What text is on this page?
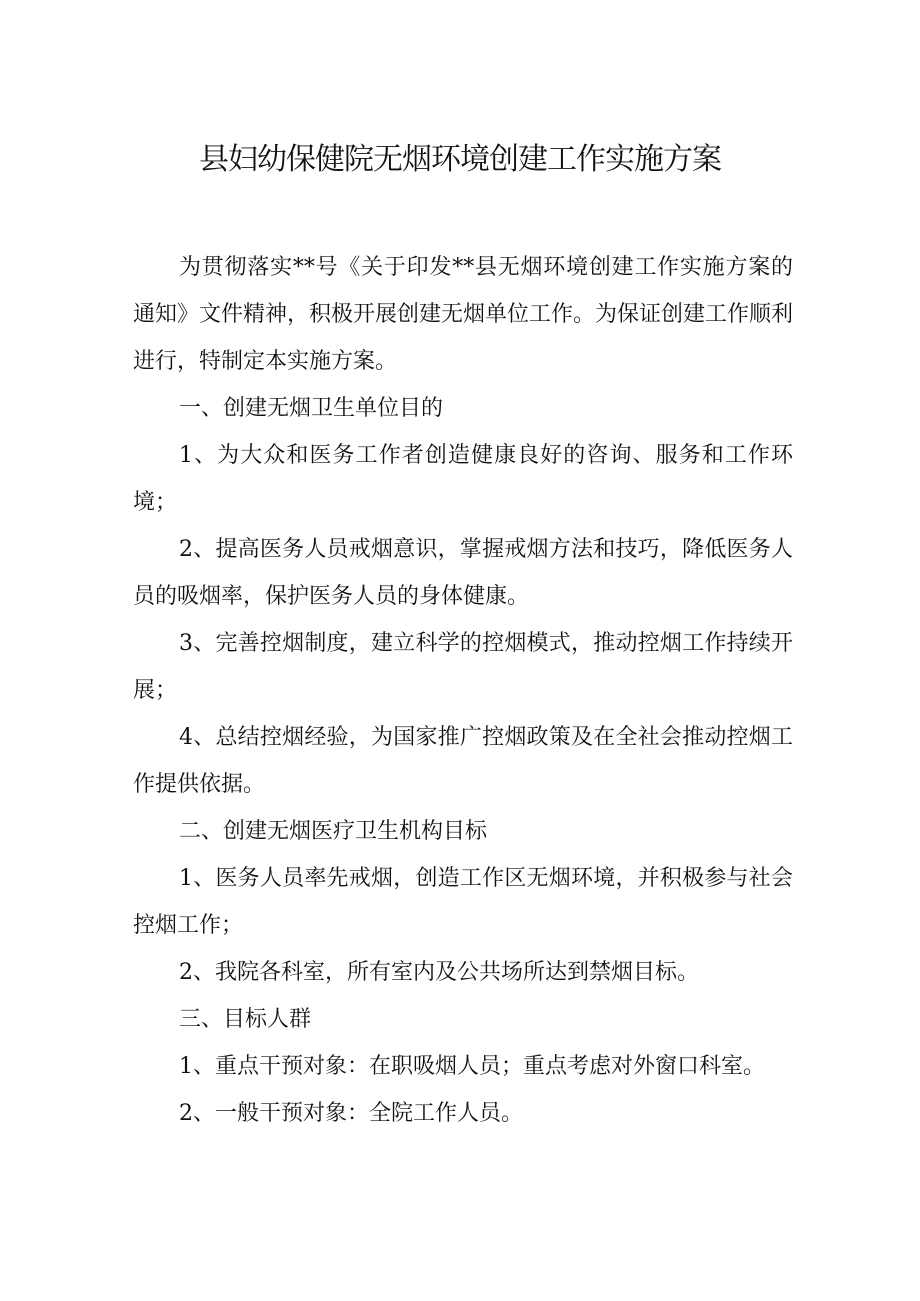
县妇幼保健院无烟环境创建工作实施方案

为贯彻落实**号《关于印发**县无烟环境创建工作实施方案的通知》文件精神，积极开展创建无烟单位工作。为保证创建工作顺利进行，特制定本实施方案。

一、创建无烟卫生单位目的

1、为大众和医务工作者创造健康良好的咨询、服务和工作环境；

2、提高医务人员戒烟意识，掌握戒烟方法和技巧，降低医务人员的吸烟率，保护医务人员的身体健康。

3、完善控烟制度，建立科学的控烟模式，推动控烟工作持续开展；

4、总结控烟经验，为国家推广控烟政策及在全社会推动控烟工作提供依据。

二、创建无烟医疗卫生机构目标

1、医务人员率先戒烟，创造工作区无烟环境，并积极参与社会控烟工作；

2、我院各科室，所有室内及公共场所达到禁烟目标。

三、目标人群

1、重点干预对象：在职吸烟人员；重点考虑对外窗口科室。

2、一般干预对象：全院工作人员。
